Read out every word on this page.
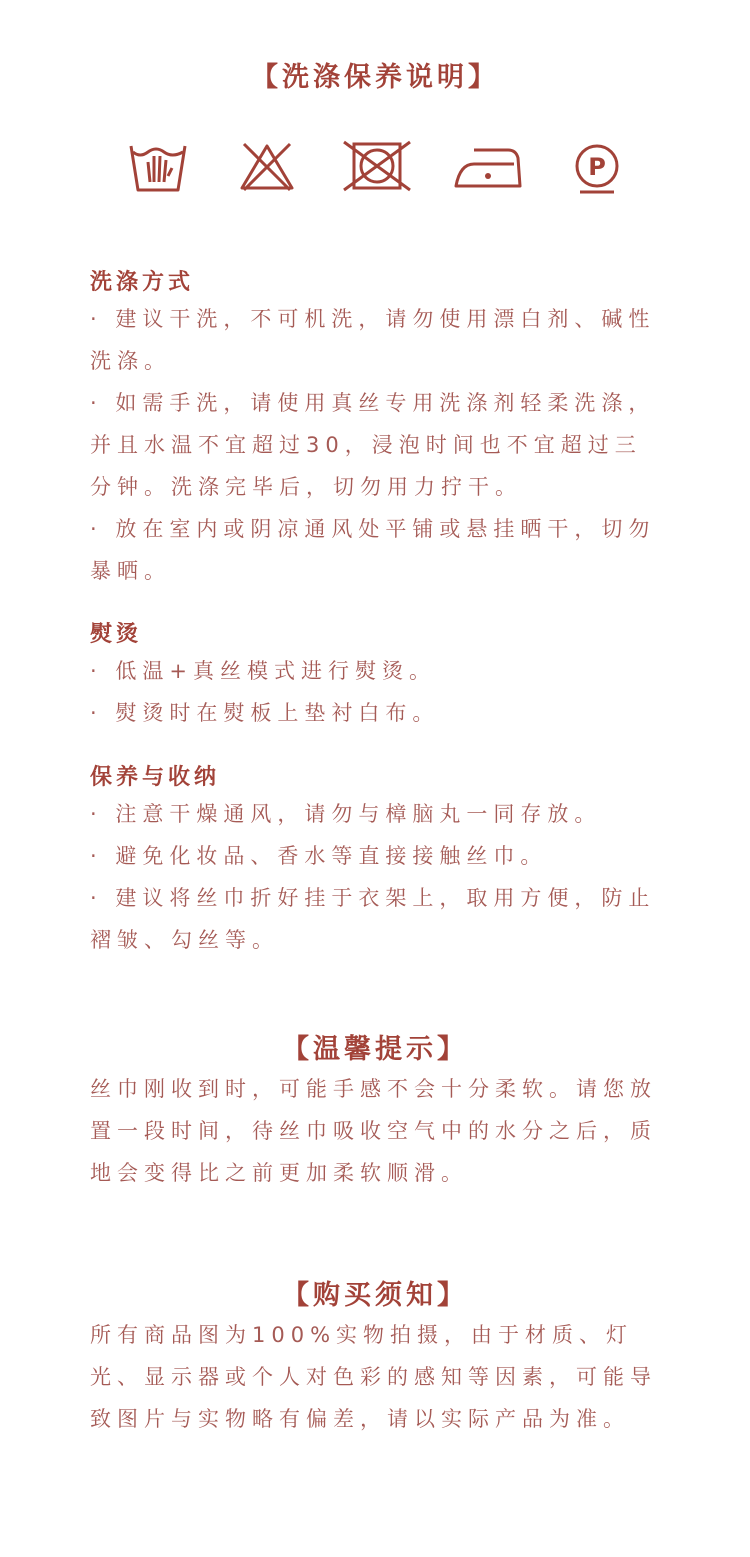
【洗涤保养说明】
P
洗涤方式

· 建议干洗，不可机洗，请勿使用漂白剂、碱性洗涤。

· 如需手洗，请使用真丝专用洗涤剂轻柔洗涤，并且水温不宜超过30，浸泡时间也不宜超过三分钟。洗涤完毕后，切勿用力拧干。

· 放在室内或阴凉通风处平铺或悬挂晒干，切勿暴晒。

熨烫

· 低温+真丝模式进行熨烫。

· 熨烫时在熨板上垫衬白布。

保养与收纳

· 注意干燥通风，请勿与樟脑丸一同存放。

· 避免化妆品、香水等直接接触丝巾。

· 建议将丝巾折好挂于衣架上，取用方便，防止褶皱、勾丝等。

【温馨提示】

丝巾刚收到时，可能手感不会十分柔软。请您放置一段时间，待丝巾吸收空气中的水分之后，质地会变得比之前更加柔软顺滑。

【购买须知】

所有商品图为100%实物拍摄，由于材质、灯光、显示器或个人对色彩的感知等因素，可能导致图片与实物略有偏差，请以实际产品为准。
